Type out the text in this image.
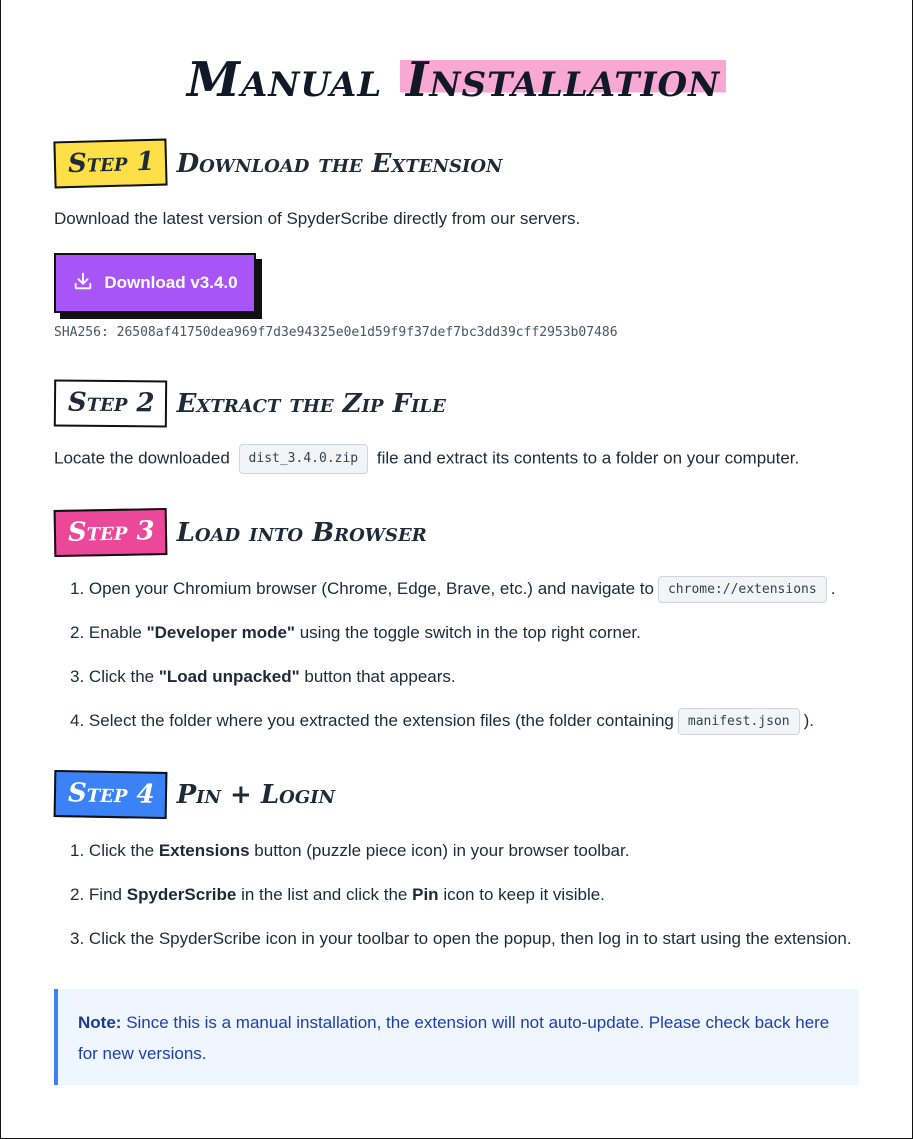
Manual Installation
Step 1 Download the Extension

Download the latest version of SpyderScribe directly from our servers.

Download v3.4.0
SHA256: 26508af41750dea969f7d3e94325e0e1d59f9f37def7bc3dd39cff2953b07486
Step 2 Extract the Zip File

Locate the downloaded dist_3.4.0.zip file and extract its contents to a folder on your computer.

Step 3 Load into Browser
1.
Open your Chromium browser (Chrome, Edge, Brave, etc.) and navigate to	chrome://extensions .
2.
Enable
"Developer mode"
using the toggle switch in the top right corner.
3.
Click the
"Load unpacked"
button that appears.
4.
Select the folder where you extracted the extension files (the folder containing	manifest.json ).
Step 4 Pin + Login
1.
Click the
Extensions
button (puzzle piece icon) in your browser toolbar.
2.
Find
SpyderScribe
in the list and click the
Pin
icon to keep it visible.
3.
Click the SpyderScribe icon in your toolbar to open the popup, then log in to start using the extension.
Note: Since this is a manual installation, the extension will not auto-update. Please check back here for new versions.
